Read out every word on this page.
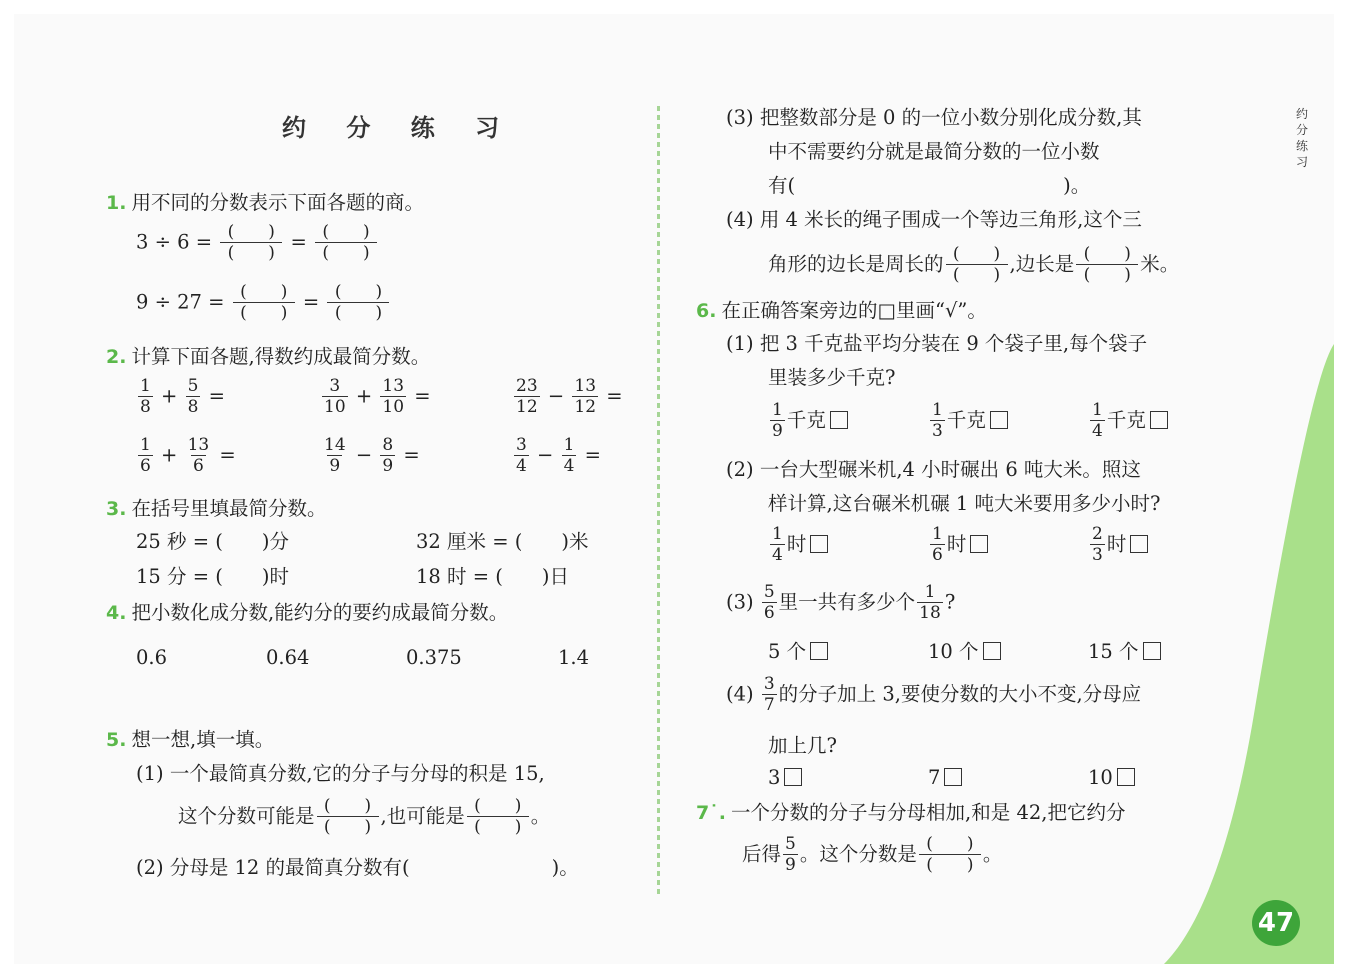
约
分
练
习
约 分 练 习
1. 用不同的分数表示下面各题的商。
$3 \div 6 = \frac{( )}{( )} = \frac{( )}{( )}$
$9 \div 27 = \frac{( )}{( )} = \frac{( )}{( )}$
2. 计算下面各题,得数约成最简分数。
$\frac{1}{8} + \frac{5}{8}$ =	$\frac{3}{10} + \frac{13}{10}$ =	$\frac{23}{12} - \frac{13}{12}$ =
$\frac{1}{6} + \frac{13}{6}$ =	$\frac{14}{9} - \frac{8}{9}$ =	$\frac{3}{4} - \frac{1}{4}$ =
3. 在括号里填最简分数。
25 秒 = (　　)分	32 厘米 = (　　)米
15 分 = (　　)时	18 时 = (　　)日
4. 把小数化成分数,能约分的要约成最简分数。
0.6	0.64	0.375	1.4
5. 想一想,填一填。
(1) 一个最简真分数,它的分子与分母的积是 15,
这个分数可能是 $\frac{( )}{( )}$ ,也可能是 $\frac{( )}{( )}$ 。
(2) 分母是 12 的最简真分数有(	)。
(3) 把整数部分是 0 的一位小数分别化成分数,其
中不需要约分就是最简分数的一位小数
有(	)。
(4) 用 4 米长的绳子围成一个等边三角形,这个三
角形的边长是周长的 $\frac{( )}{( )}$ ,边长是 $\frac{( )}{( )}$ 米。
6. 在正确答案旁边的□里画“√”。
(1) 把 3 千克盐平均分装在 9 个袋子里,每个袋子
里装多少千克?
$\frac{1}{9}$ 千克	$\frac{1}{3}$ 千克	$\frac{1}{4}$ 千克
(2) 一台大型碾米机,4 小时碾出 6 吨大米。照这
样计算,这台碾米机碾 1 吨大米要用多少小时?
$\frac{1}{4}$ 时	$\frac{1}{6}$ 时	$\frac{2}{3}$ 时
$(3) \frac{5}{6}$ 里一共有多少个 $\frac{1}{18}$ ?
5 个	10 个	15 个
$(4) \frac{3}{7}$ 的分子加上 3,要使分数的大小不变,分母应
加上几?
3	7	10
7˙. 一个分数的分子与分母相加,和是 42,把它约分
后得 $\frac{5}{9}$ 。这个分数是 $\frac{( )}{( )}$ 。
47
